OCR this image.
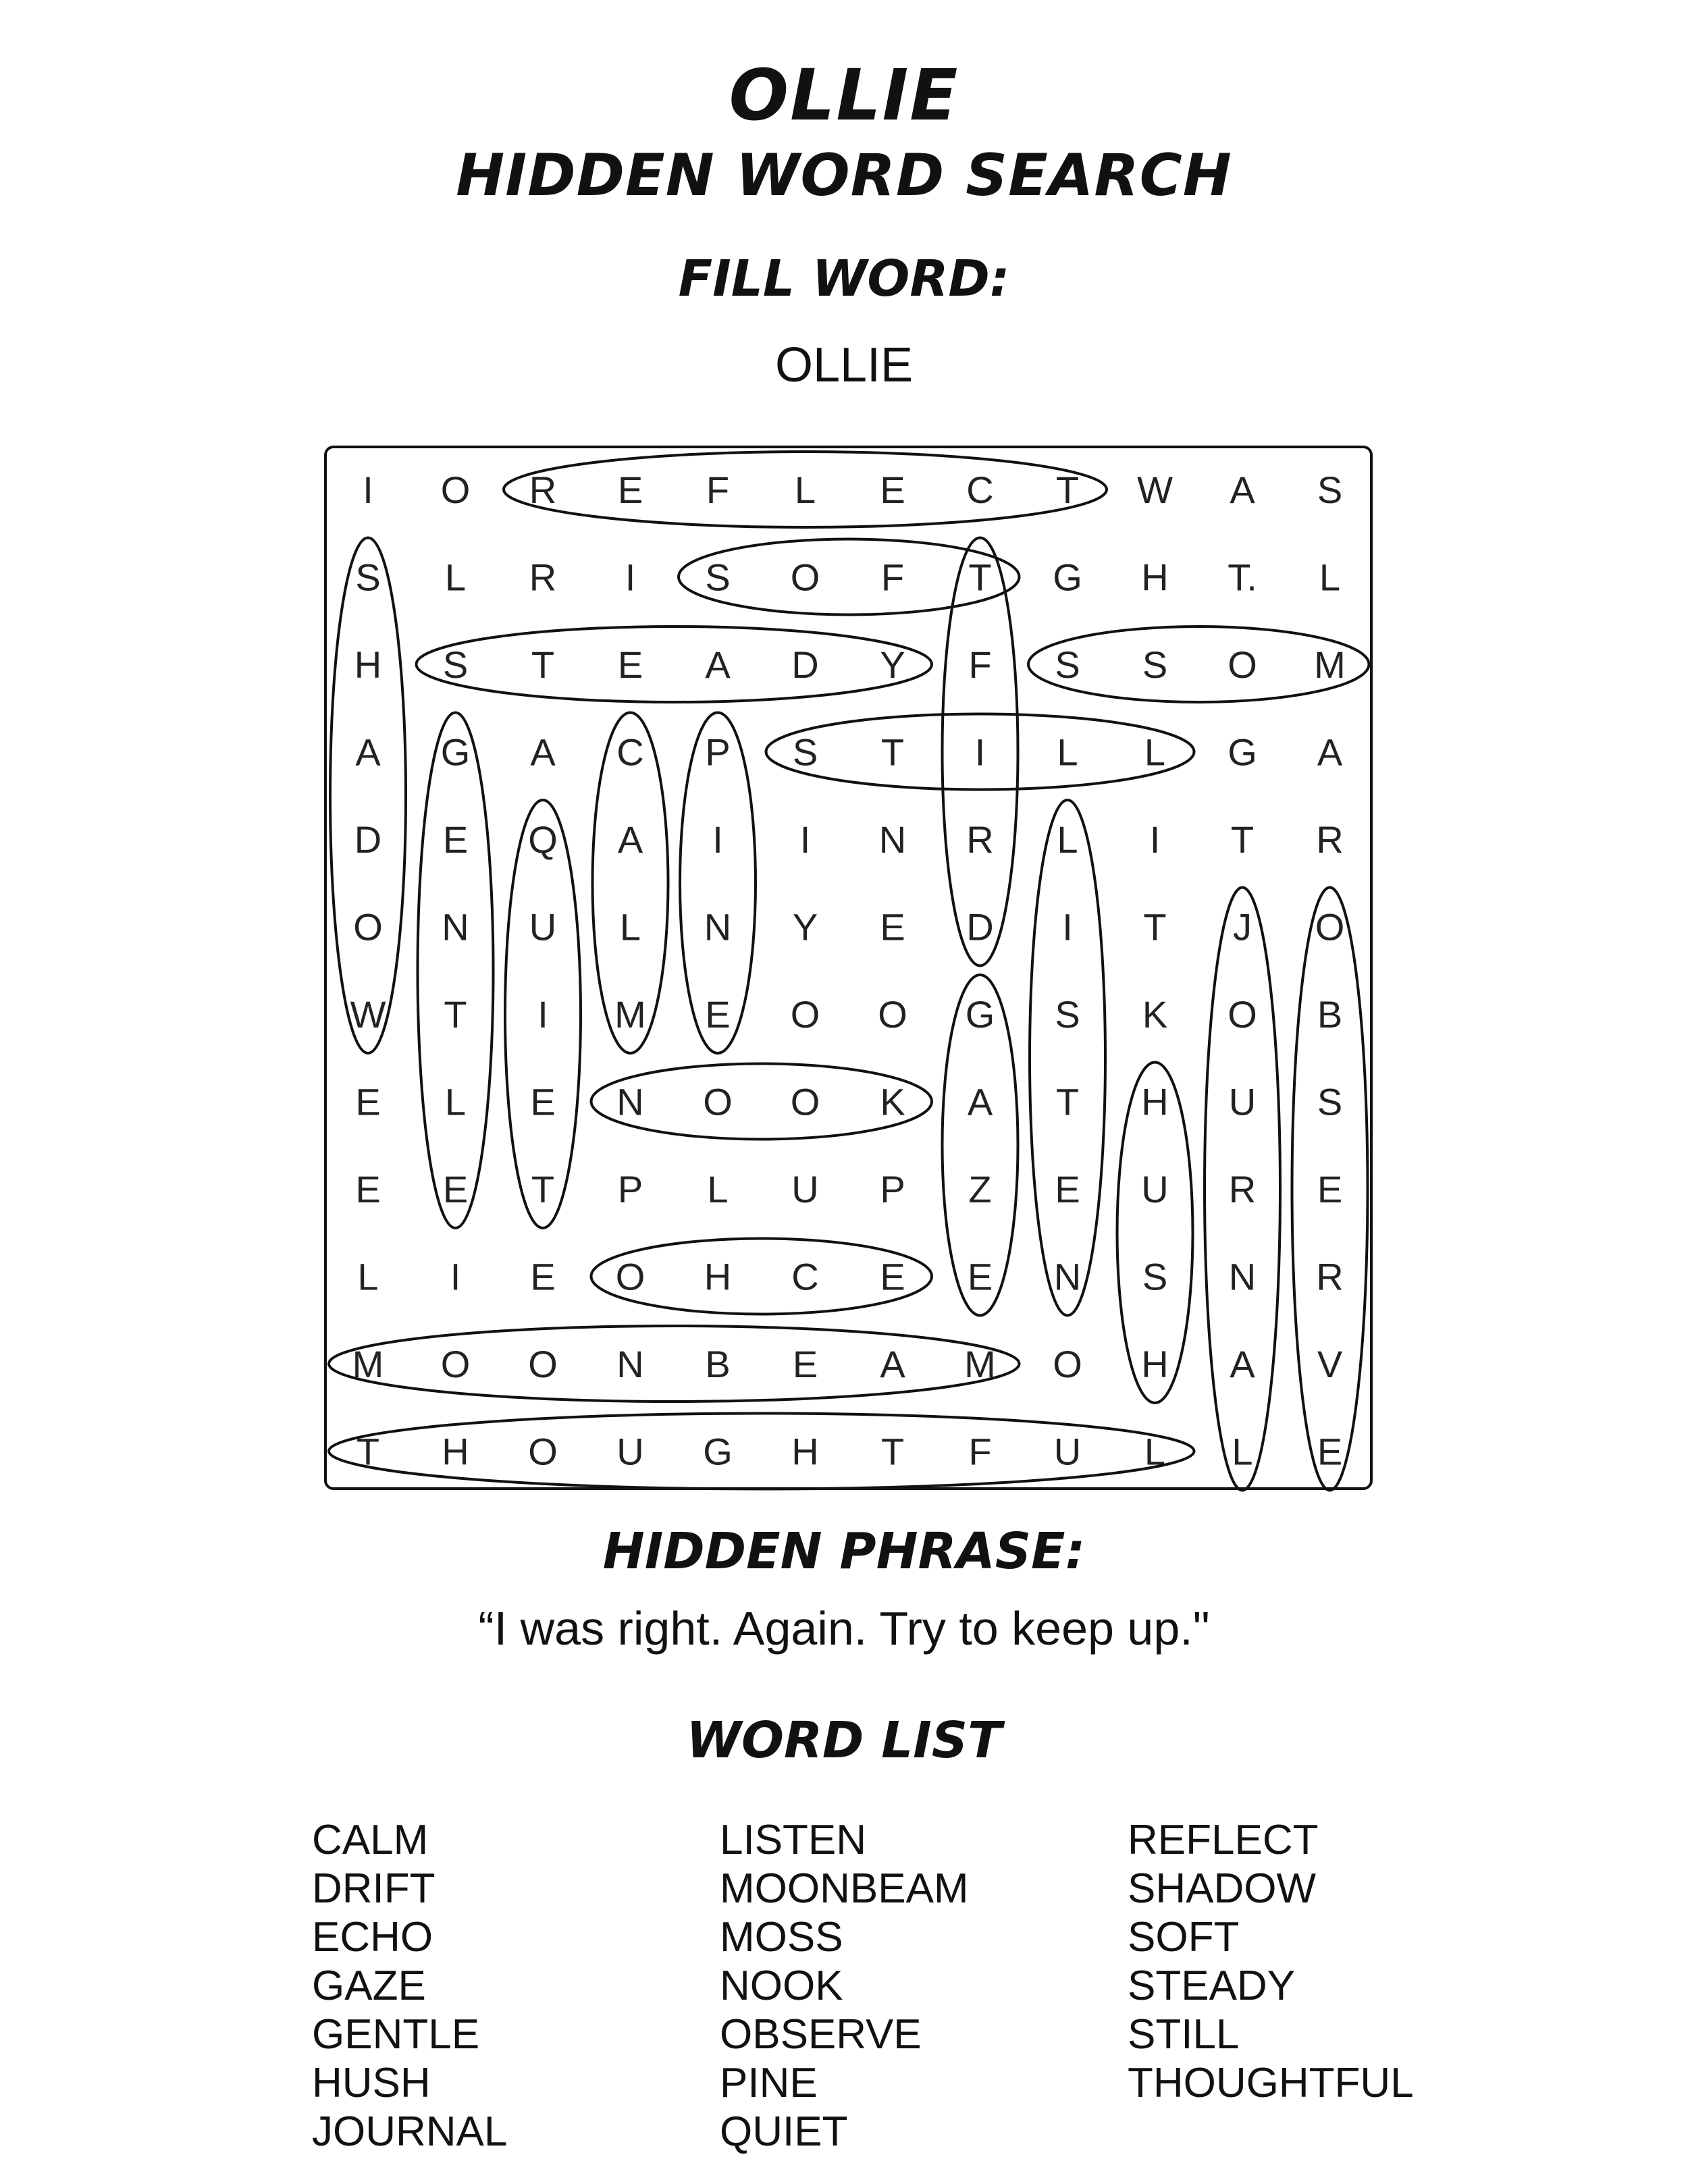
OLLIE
HIDDEN WORD SEARCH
FILL WORD:
OLLIE
I O R E F L E C T W A S
S L R I S O F T G H T. L
H S T E A D Y F S S O M
A G A C P S T I L L G A
D E Q A I I N R L I T R
O N U L N Y E D I T J O
W T I M E O O G S K O B
E L E N O O K A T H U S
E E T P L U P Z E U R E
L I E O H C E E N S N R
M O O N B E A M O H A V
T H O U G H T F U L L E
HIDDEN PHRASE:
“I was right. Again. Try to keep up."
WORD LIST
CALM
DRIFT
ECHO
GAZE
GENTLE
HUSH
JOURNAL
LISTEN
MOONBEAM
MOSS
NOOK
OBSERVE
PINE
QUIET
REFLECT
SHADOW
SOFT
STEADY
STILL
THOUGHTFUL
